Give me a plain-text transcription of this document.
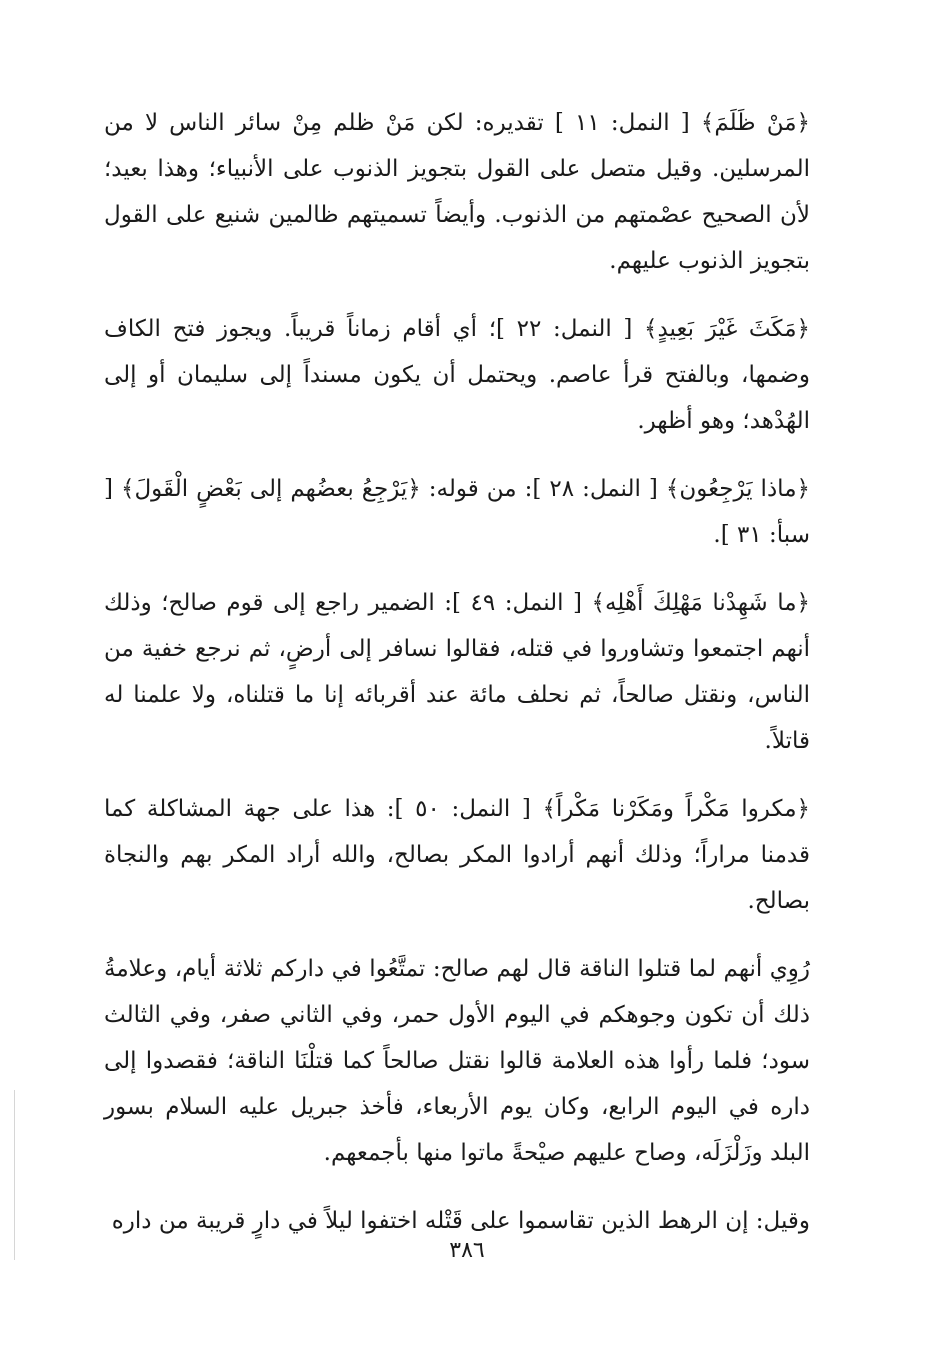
﴿مَنْ ظَلَمَ﴾ [ النمل: ١١ ] تقديره: لكن مَنْ ظلم مِنْ سائر الناس لا من المرسلين. وقيل متصل على القول بتجويز الذنوب على الأنبياء؛ وهذا بعيد؛ لأن الصحيح عصْمتهم من الذنوب. وأيضاً تسميتهم ظالمين شنيع على القول بتجويز الذنوب عليهم.

﴿مَكَثَ غَيْرَ بَعِيدٍ﴾ [ النمل: ٢٢ ]؛ أي أقام زماناً قريباً. ويجوز فتح الكاف وضمها، وبالفتح قرأ عاصم. ويحتمل أن يكون مسنداً إلى سليمان أو إلى الهُدْهد؛ وهو أظهر.

﴿ماذا يَرْجِعُون﴾ [ النمل: ٢٨ ]: من قوله: ﴿يَرْجِعُ بعضُهم إلى بَعْضٍ الْقَولَ﴾ [ سبأ: ٣١ ].

﴿ما شَهِدْنا مَهْلِكَ أَهْلِه﴾ [ النمل: ٤٩ ]: الضمير راجع إلى قوم صالح؛ وذلك أنهم اجتمعوا وتشاوروا في قتله، فقالوا نسافر إلى أرضٍ، ثم نرجع خفية من الناس، ونقتل صالحاً، ثم نحلف مائة عند أقربائه إنا ما قتلناه، ولا علمنا له قاتلاً.

﴿مكروا مَكْراً ومَكَرْنا مَكْراً﴾ [ النمل: ٥٠ ]: هذا على جهة المشاكلة كما قدمنا مراراً؛ وذلك أنهم أرادوا المكر بصالح، والله أراد المكر بهم والنجاة بصالح.

رُوِي أنهم لما قتلوا الناقة قال لهم صالح: تمتَّعُوا في داركم ثلاثة أيام، وعلامةُ ذلك أن تكون وجوهكم في اليوم الأول حمر، وفي الثاني صفر، وفي الثالث سود؛ فلما رأوا هذه العلامة قالوا نقتل صالحاً كما قتلْنَا الناقة؛ فقصدوا إلى داره في اليوم الرابع، وكان يوم الأربعاء، فأخذ جبريل عليه السلام بسور البلد وزَلْزَلَه، وصاح عليهم صيْحةً ماتوا منها بأجمعهم.

وقيل: إن الرهط الذين تقاسموا على قَتْله اختفوا ليلاً في دارٍ قريبة من داره

٣٨٦
